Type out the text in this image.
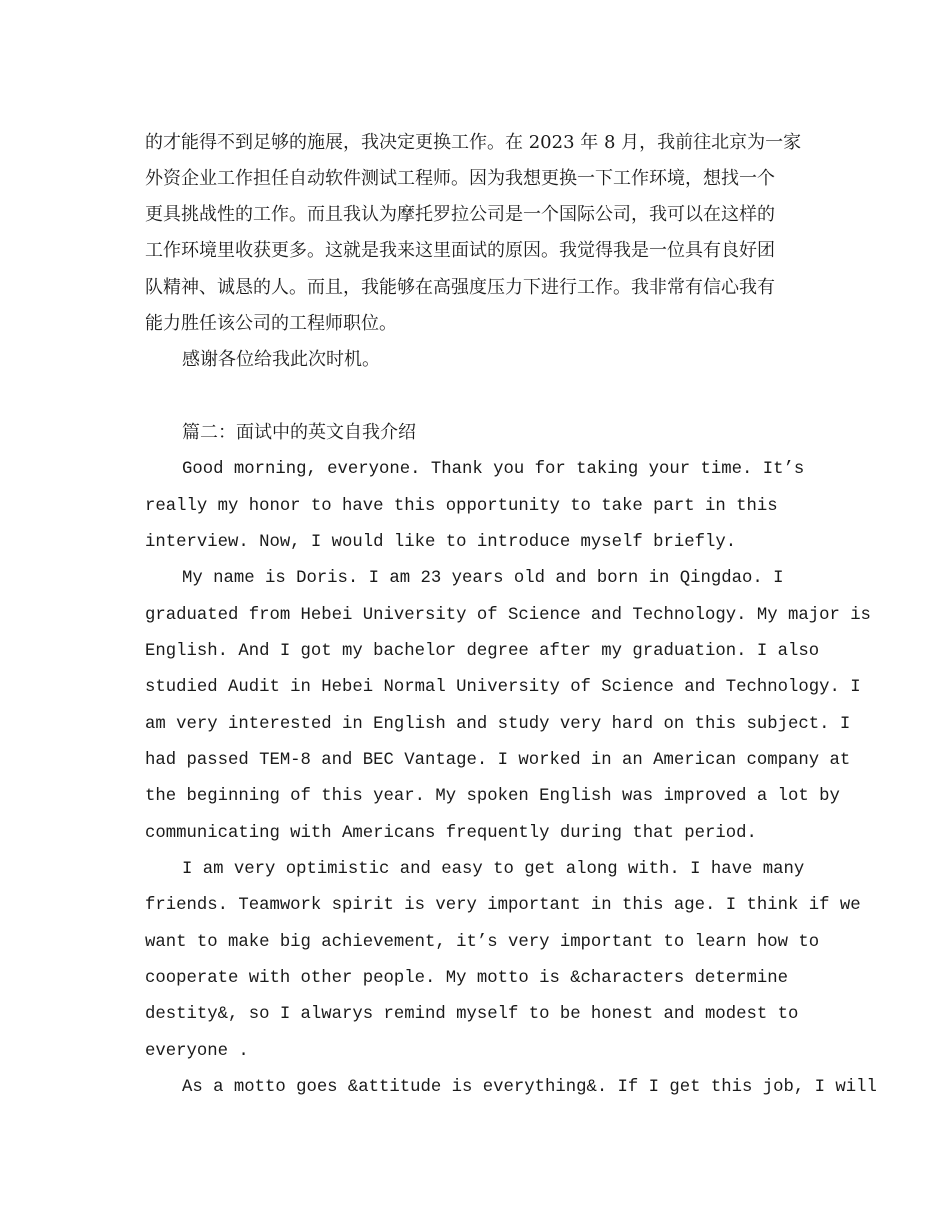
的才能得不到足够的施展，我决定更换工作。在 2023 年 8 月，我前往北京为一家
外资企业工作担任自动软件测试工程师。因为我想更换一下工作环境，想找一个
更具挑战性的工作。而且我认为摩托罗拉公司是一个国际公司，我可以在这样的
工作环境里收获更多。这就是我来这里面试的原因。我觉得我是一位具有良好团
队精神、诚恳的人。而且，我能够在高强度压力下进行工作。我非常有信心我有
能力胜任该公司的工程师职位。
感谢各位给我此次时机。
篇二：面试中的英文自我介绍
Good morning, everyone. Thank you for taking your time. It’s
really my honor to have this opportunity to take part in this
interview. Now, I would like to introduce myself briefly.
My name is Doris. I am 23 years old and born in Qingdao. I
graduated from Hebei University of Science and Technology. My major is
English. And I got my bachelor degree after my graduation. I also
studied Audit in Hebei Normal University of Science and Technology. I
am very interested in English and study very hard on this subject. I
had passed TEM-8 and BEC Vantage. I worked in an American company at
the beginning of this year. My spoken English was improved a lot by
communicating with Americans frequently during that period.
I am very optimistic and easy to get along with. I have many
friends. Teamwork spirit is very important in this age. I think if we
want to make big achievement, it’s very important to learn how to
cooperate with other people. My motto is &characters determine
destity&, so I alwarys remind myself to be honest and modest to
everyone .
As a motto goes &attitude is everything&. If I get this job, I will
